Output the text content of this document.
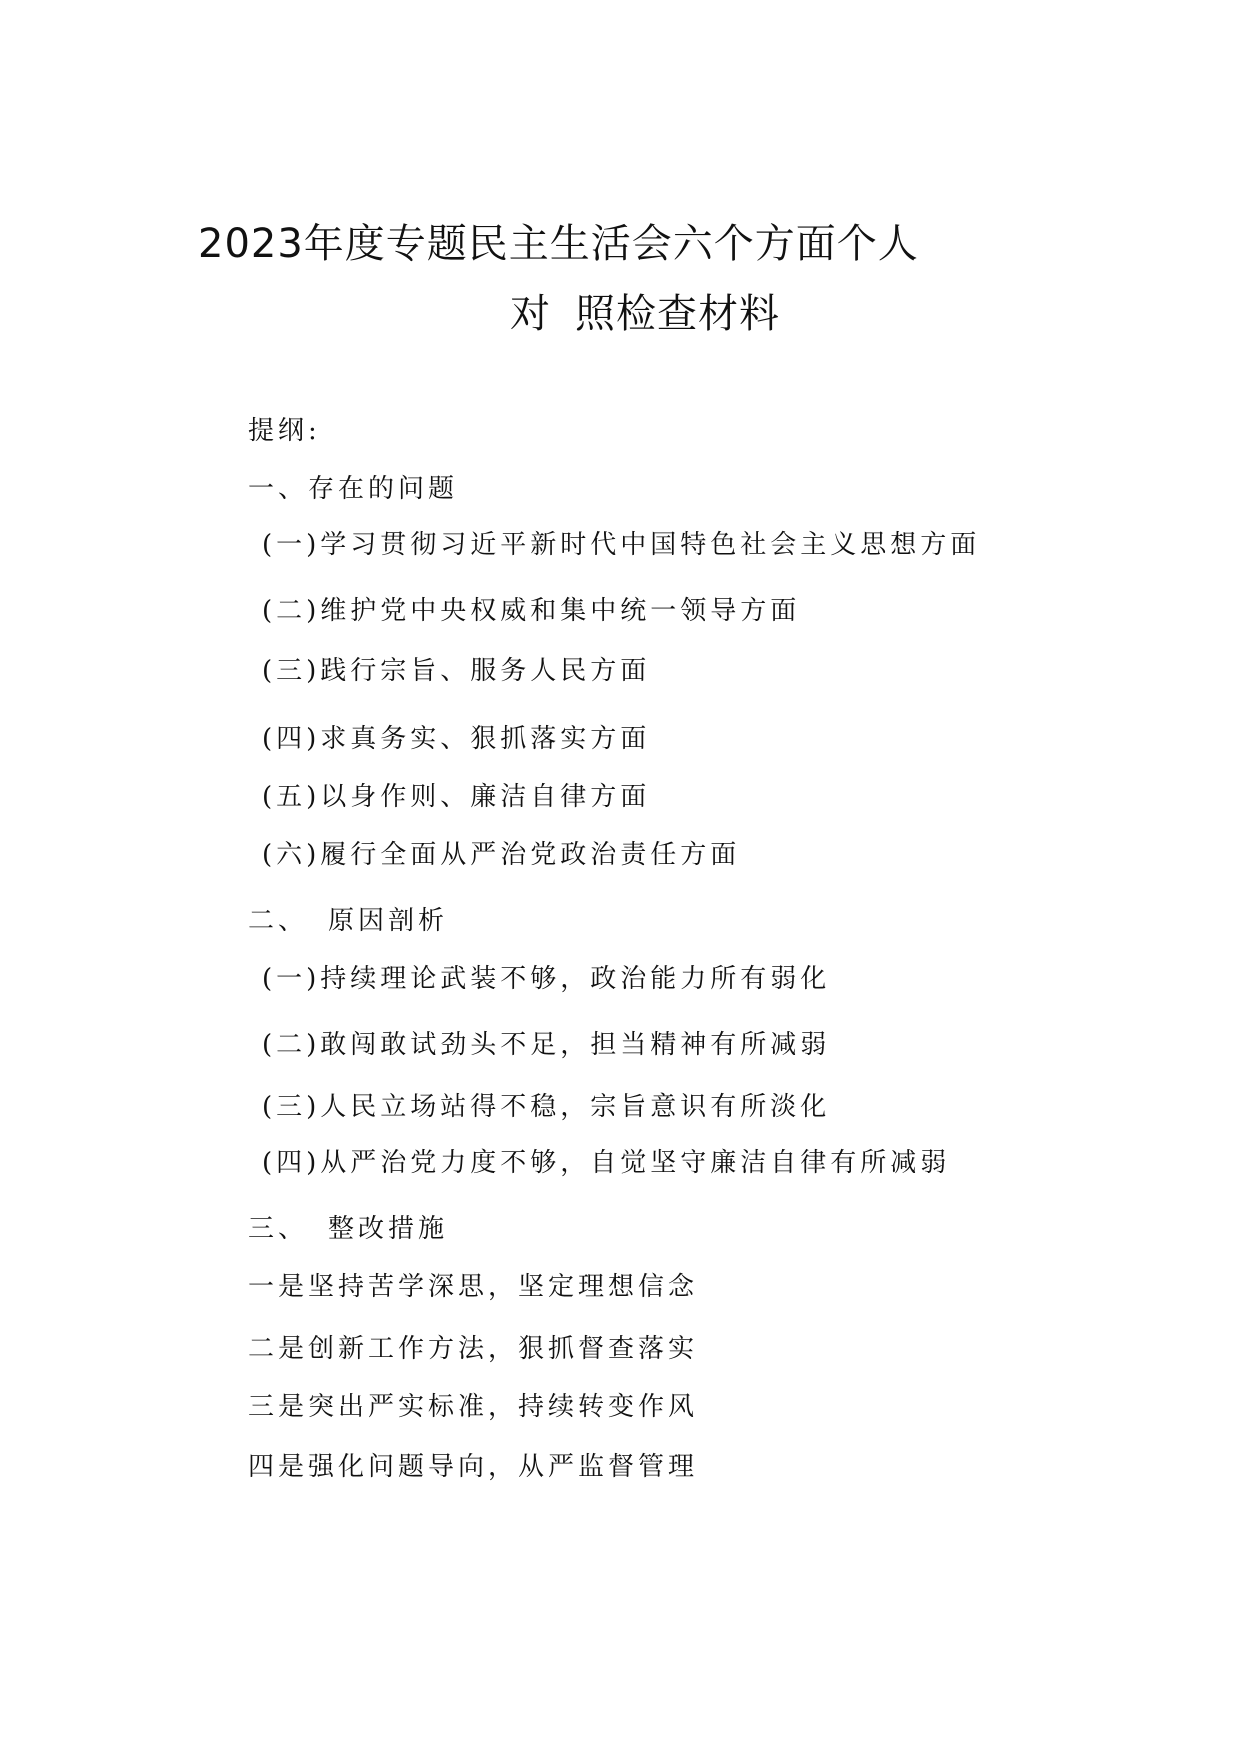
2023年度专题民主生活会六个方面个人
对 照检查材料

提纲:

一、存在的问题

(一)学习贯彻习近平新时代中国特色社会主义思想方面

(二)维护党中央权威和集中统一领导方面

(三)践行宗旨、服务人民方面

(四)求真务实、狠抓落实方面

(五)以身作则、廉洁自律方面

(六)履行全面从严治党政治责任方面

二、 原因剖析

(一)持续理论武装不够，政治能力所有弱化

(二)敢闯敢试劲头不足，担当精神有所减弱

(三)人民立场站得不稳，宗旨意识有所淡化

(四)从严治党力度不够，自觉坚守廉洁自律有所减弱

三、 整改措施

一是坚持苦学深思，坚定理想信念

二是创新工作方法，狠抓督查落实

三是突出严实标准，持续转变作风

四是强化问题导向，从严监督管理
